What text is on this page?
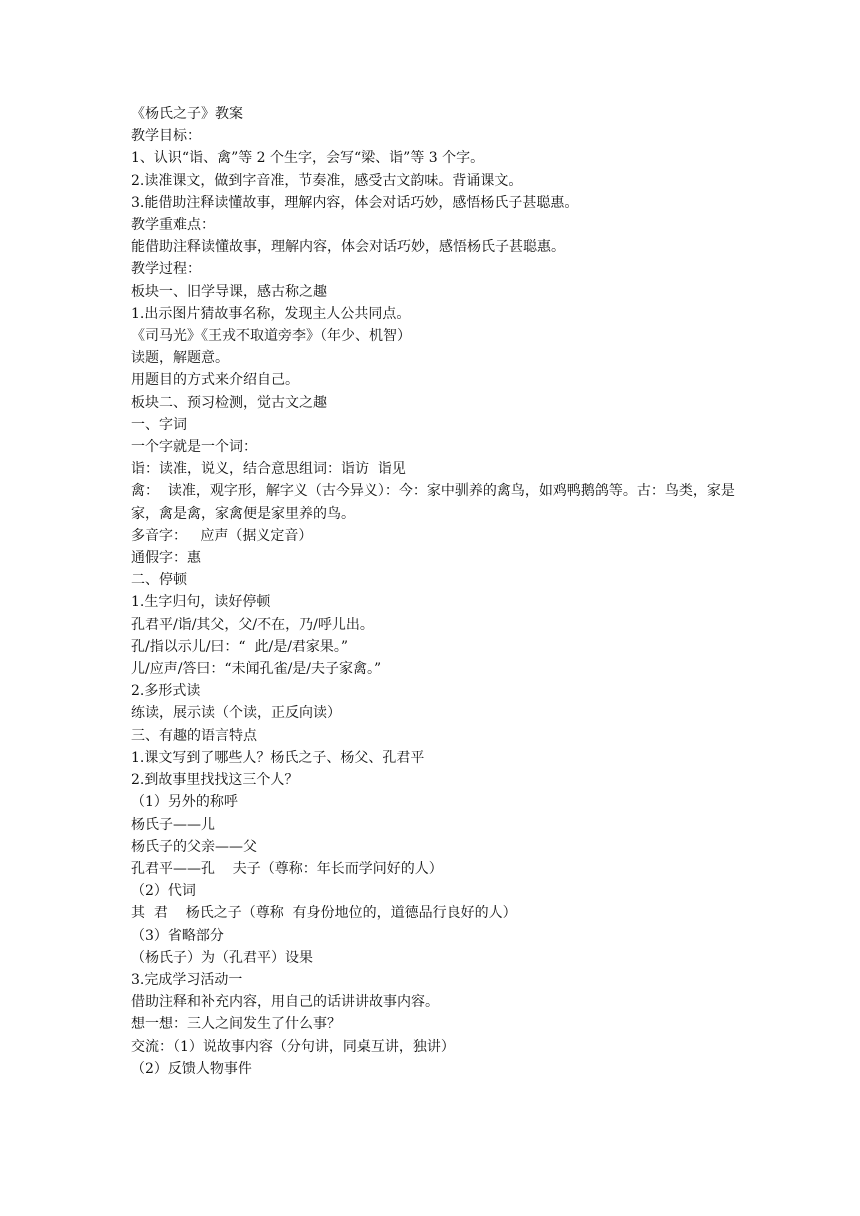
《杨氏之子》教案

教学目标：

1、认识“诣、禽”等 2 个生字，会写“梁、诣”等 3 个字。

2.读准课文，做到字音准，节奏准，感受古文韵味。背诵课文。

3.能借助注释读懂故事，理解内容，体会对话巧妙，感悟杨氏子甚聪惠。

教学重难点：

能借助注释读懂故事，理解内容，体会对话巧妙，感悟杨氏子甚聪惠。

教学过程：

板块一、旧学导课，感古称之趣

1.出示图片猜故事名称，发现主人公共同点。

《司马光》《王戎不取道旁李》（年少、机智）

读题，解题意。

用题目的方式来介绍自己。

板块二、预习检测，觉古文之趣

一、字词

一个字就是一个词：

诣：读准，说义，结合意思组词：诣访  诣见

禽：  读准，观字形，解字义（古今异义）：今：家中驯养的禽鸟，如鸡鸭鹅鸽等。古：鸟类，家是家，禽是禽，家禽便是家里养的鸟。

多音字：   应声（据义定音）

通假字：惠

二、停顿

1.生字归句，读好停顿

孔君平/诣/其父，父/不在，乃/呼儿出。

孔/指以示儿/曰：“  此/是/君家果。”

儿/应声/答曰：“未闻孔雀/是/夫子家禽。”

2.多形式读

练读，展示读（个读，正反向读）

三、有趣的语言特点

1.课文写到了哪些人？杨氏之子、杨父、孔君平

2.到故事里找找这三个人？

（1）另外的称呼

杨氏子——儿

杨氏子的父亲——父

孔君平——孔    夫子（尊称：年长而学问好的人）

（2）代词

其  君    杨氏之子（尊称  有身份地位的，道德品行良好的人）

（3）省略部分

（杨氏子）为（孔君平）设果

3.完成学习活动一

借助注释和补充内容，用自己的话讲讲故事内容。

想一想：三人之间发生了什么事？

交流：（1）说故事内容（分句讲，同桌互讲，独讲）

（2）反馈人物事件
